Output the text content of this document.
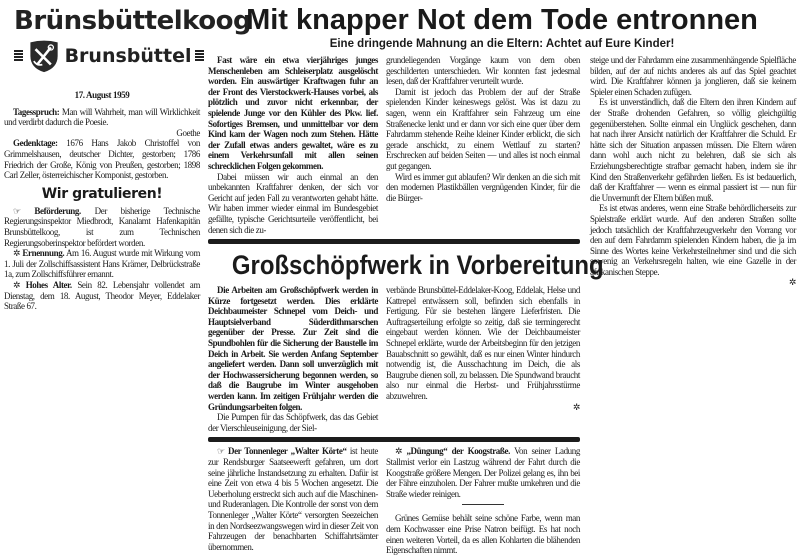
Brünsbüttelkoog
Brunsbüttel
17. August 1959

Tagesspruch: Man will Wahrheit, man will Wirklichkeit und verdirbt dadurch die Poesie.

Goethe

Gedenktage: 1676 Hans Jakob Christoffel von Grimmelshausen, deutscher Dichter, gestorben; 1786 Friedrich der Große, König von Preußen, gestorben; 1898 Carl Zeller, österreichischer Komponist, gestorben.

Wir gratulieren!

☞ Beförderung. Der bisherige Technische Regierungsinspektor Miedbrodt, Kanalamt Hafenkapitän Brunsbüttelkoog, ist zum Technischen Regierungsoberinspektor befördert worden.

✲ Ernennung. Am 16. August wurde mit Wirkung vom 1. Juli der Zollschiffsassistent Hans Krämer, Delbrückstraße 1a, zum Zollschiffsführer ernannt.

✲ Hohes Alter. Sein 82. Lebensjahr vollendet am Dienstag, dem 18. August, Theodor Meyer, Eddelaker Straße 67.

Mit knapper Not dem Tode entronnen
Eine dringende Mahnung an die Eltern: Achtet auf Eure Kinder!

Fast wäre ein etwa vierjähriges junges Menschenleben am Schleiserplatz ausgelöscht worden. Ein auswärtiger Kraftwagen fuhr an der Front des Vierstockwerk-Hauses vorbei, als plötzlich und zuvor nicht erkennbar, der spielende Junge vor den Kühler des Pkw. lief. Sofortiges Bremsen, und unmittelbar vor dem Kind kam der Wagen noch zum Stehen. Hätte der Zufall etwas anders gewaltet, wäre es zu einem Verkehrsunfall mit allen seinen schrecklichen Folgen gekommen.

Dabei müssen wir auch einmal an den unbekannten Kraftfahrer denken, der sich vor Gericht auf jeden Fall zu verantworten gehabt hätte. Wir haben immer wieder einmal im Bundesgebiet gefällte, typische Gerichtsurteile veröffentlicht, bei denen sich die zu-

grundeliegenden Vorgänge kaum von dem oben geschilderten unterschieden. Wir konnten fast jedesmal lesen, daß der Kraftfahrer verurteilt wurde.

Damit ist jedoch das Problem der auf der Straße spielenden Kinder keineswegs gelöst. Was ist dazu zu sagen, wenn ein Kraftfahrer sein Fahrzeug um eine Straßenecke lenkt und er dann vor sich eine quer über dem Fahrdamm stehende Reihe kleiner Kinder erblickt, die sich gerade anschickt, zu einem Wettlauf zu starten? Erschrecken auf beiden Seiten — und alles ist noch einmal gut gegangen.

Wird es immer gut ablaufen? Wir denken an die sich mit den modernen Plastikbällen vergnügenden Kinder, für die die Bürger-

Großschöpfwerk in Vorbereitung

Die Arbeiten am Großschöpfwerk werden in Kürze fortgesetzt werden. Dies erklärte Deichbaumeister Schnepel vom Deich- und Hauptsielverband Süderdithmarschen gegenüber der Presse. Zur Zeit sind die Spundbohlen für die Sicherung der Baustelle im Deich in Arbeit. Sie werden Anfang September angeliefert werden. Dann soll unverzüglich mit der Hochwassersicherung begonnen werden, so daß die Baugrube im Winter ausgehoben werden kann. Im zeitigen Frühjahr werden die Gründungsarbeiten folgen.

Die Pumpen für das Schöpfwerk, das das Gebiet der Vierschleuseinigung, der Siel-

verbände Brunsbüttel-Eddelaker-Koog, Eddelak, Helse und Kattrepel entwässern soll, befinden sich ebenfalls in Fertigung. Für sie bestehen längere Lieferfristen. Die Auftragserteilung erfolgte so zeitig, daß sie termingerecht eingebaut werden können. Wie der Deichbaumeister Schnepel erklärte, wurde der Arbeitsbeginn für den jetzigen Bauabschnitt so gewählt, daß es nur einen Winter hindurch notwendig ist, die Ausschachtung im Deich, die als Baugrube dienen soll, zu belassen. Die Spundwand braucht also nur einmal die Herbst- und Frühjahrsstürme abzuwehren.

✲

☞ Der Tonnenleger „Walter Körte“ ist heute zur Rendsburger Saatseewerft gefahren, um dort seine jährliche Instandsetzung zu erhalten. Dafür ist eine Zeit von etwa 4 bis 5 Wochen angesetzt. Die Ueberholung erstreckt sich auch auf die Maschinen- und Ruderanlagen. Die Kontrolle der sonst von dem Tonnenleger „Walter Körte“ versorgten Seezeichen in den Nordseezwangswegen wird in dieser Zeit von Fahrzeugen der benachbarten Schiffahrtsämter übernommen.

✲ „Düngung“ der Koogstraße. Von seiner Ladung Stallmist verlor ein Lastzug während der Fahrt durch die Koogstraße größere Mengen. Der Polizei gelang es, ihn bei der Fähre einzuholen. Der Fahrer mußte umkehren und die Straße wieder reinigen.

Grünes Gemüse behält seine schöne Farbe, wenn man dem Kochwasser eine Prise Natron beifügt. Es hat noch einen weiteren Vorteil, da es allen Kohlarten die blähenden Eigenschaften nimmt.

steige und der Fahrdamm eine zusammenhängende Spielfläche bilden, auf der auf nichts anderes als auf das Spiel geachtet wird. Die Kraftfahrer können ja jonglieren, daß sie keinem Spieler einen Schaden zufügen.

Es ist unverständlich, daß die Eltern den ihren Kindern auf der Straße drohenden Gefahren, so völlig gleichgültig gegenüberstehen. Sollte einmal ein Unglück geschehen, dann hat nach ihrer Ansicht natürlich der Kraftfahrer die Schuld. Er hätte sich der Situation anpassen müssen. Die Eltern wären dann wohl auch nicht zu belehren, daß sie sich als Erziehungsberechtigte strafbar gemacht haben, indem sie ihr Kind den Straßenverkehr gefährden ließen. Es ist bedauerlich, daß der Kraftfahrer — wenn es einmal passiert ist — nun für die Unvernunft der Eltern büßen muß.

Es ist etwas anderes, wenn eine Straße behördlicherseits zur Spielstraße erklärt wurde. Auf den anderen Straßen sollte jedoch tatsächlich der Kraftfahrzeugverkehr den Vorrang vor den auf dem Fahrdamm spielenden Kindern haben, die ja im Sinne des Wortes keine Verkehrsteilnehmer sind und die sich sowenig an Verkehrsregeln halten, wie eine Gazelle in der afrikanischen Steppe.

✲
